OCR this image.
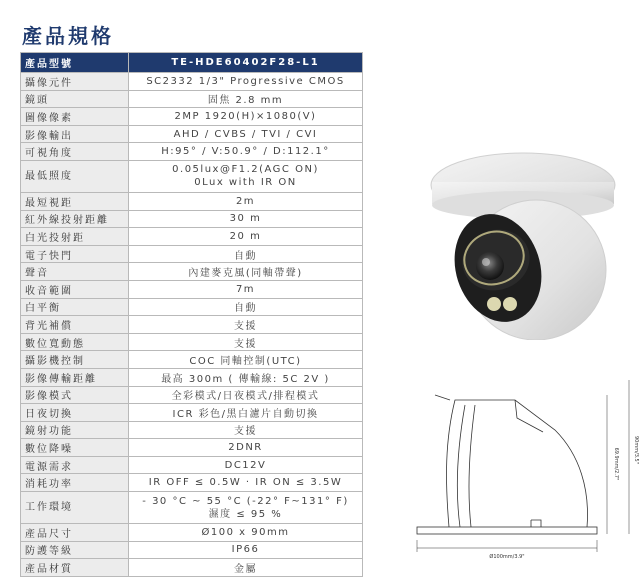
產品規格
產品型號	TE-HDE60402F28-L1
攝像元件	SC2332 1/3" Progressive CMOS

鏡頭	固焦 2.8 mm

圖像像素	2MP 1920(H)×1080(V)

影像輸出	AHD / CVBS / TVI / CVI

可視角度	H:95° / V:50.9° / D:112.1°

最低照度	0.05lux@F1.2(AGC ON)
0Lux with IR ON

最短視距	2m

紅外線投射距離	30 m

白光投射距	20 m

電子快門	自動

聲音	內建麥克風(同軸帶聲)

收音範圍	7m

白平衡	自動

背光補償	支援

數位寬動態	支援

攝影機控制	COC 同軸控制(UTC)

影像傳輸距離	最高 300m ( 傳輸線: 5C 2V )

影像模式	全彩模式/日夜模式/排程模式

日夜切換	ICR 彩色/黑白濾片自動切換

鏡射功能	支援

數位降噪	2DNR

電源需求	DC12V

消耗功率	IR OFF ≤ 0.5W · IR ON ≤ 3.5W

工作環境	- 30 °C ~ 55 °C (-22° F~131° F)
濕度 ≤ 95 %

產品尺寸	Ø100 x 90mm

防護等級	IP66

產品材質	金屬
Ø100mm/3.9"
69.9mm/2.7"	90mm/3.5"
